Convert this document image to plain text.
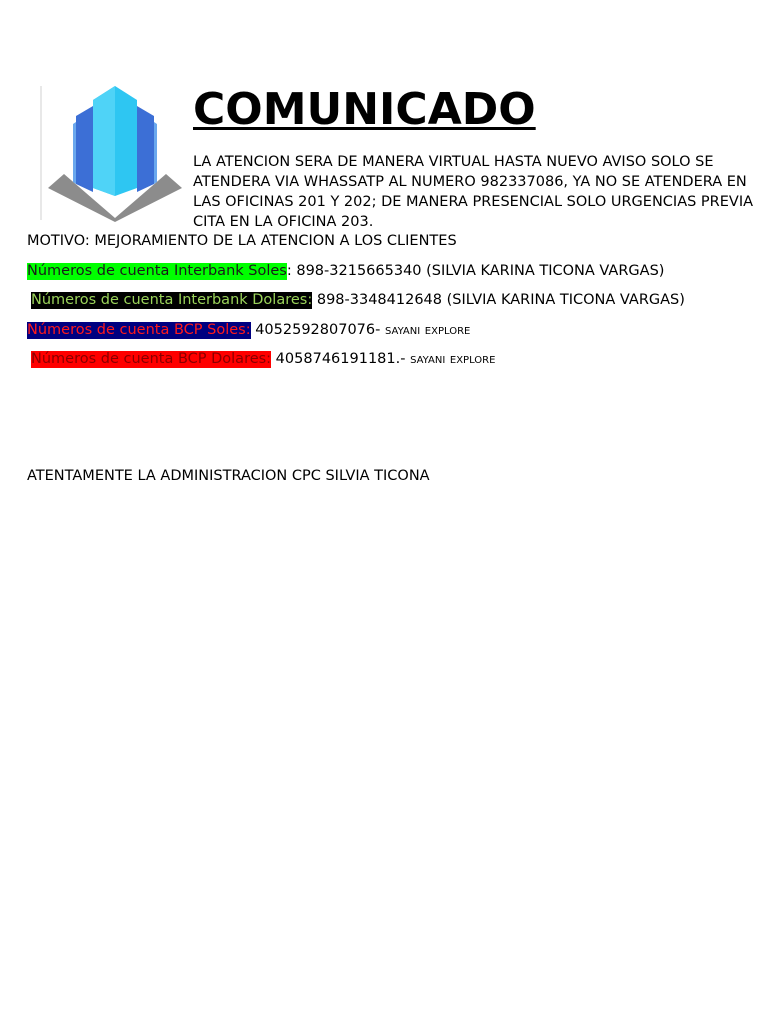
COMUNICADO

LA ATENCION SERA DE MANERA VIRTUAL HASTA NUEVO AVISO SOLO SE ATENDERA VIA WHASSATP AL NUMERO 982337086, YA NO SE ATENDERA EN LAS OFICINAS 201 Y 202; DE MANERA PRESENCIAL SOLO URGENCIAS PREVIA CITA EN LA OFICINA 203.

MOTIVO: MEJORAMIENTO DE LA ATENCION A LOS CLIENTES

Números de cuenta Interbank Soles: 898-3215665340 (SILVIA KARINA TICONA VARGAS)

Números de cuenta Interbank Dolares: 898-3348412648 (SILVIA KARINA TICONA VARGAS)

Números de cuenta BCP Soles: 4052592807076- sayani explore

Números de cuenta BCP Dolares: 4058746191181.- sayani explore

ATENTAMENTE LA ADMINISTRACION CPC SILVIA TICONA
